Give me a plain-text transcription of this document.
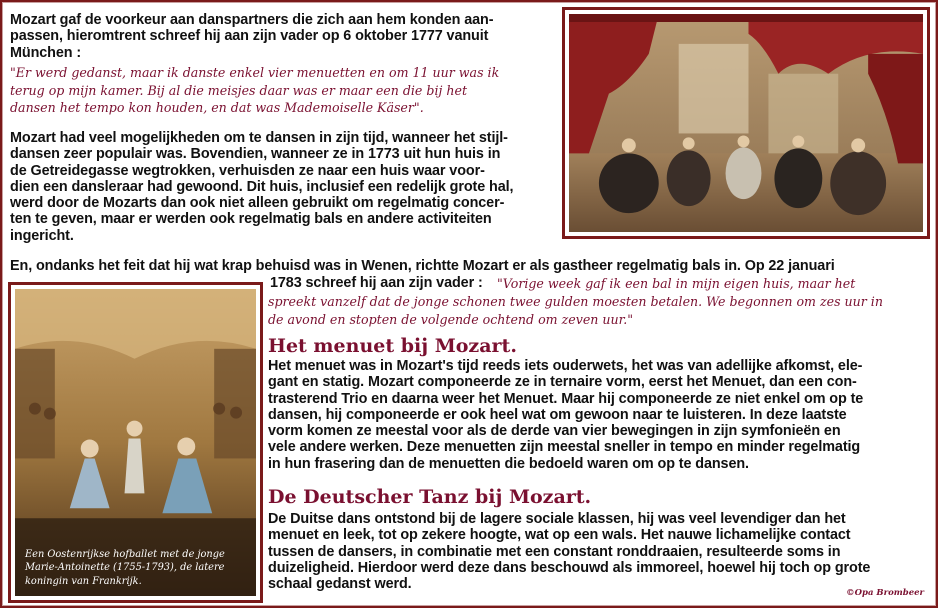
Mozart gaf de voorkeur aan danspartners die zich aan hem konden aan-
passen, hieromtrent schreef hij aan zijn vader op 6 oktober 1777 vanuit
München :
"Er werd gedanst, maar ik danste enkel vier menuetten en om 11 uur was ik
terug op mijn kamer. Bij al die meisjes daar was er maar een die bij het
dansen het tempo kon houden, en dat was Mademoiselle Käser".
Mozart had veel mogelijkheden om te dansen in zijn tijd, wanneer het stijl-
dansen zeer populair was. Bovendien, wanneer ze in 1773 uit hun huis in
de Getreidegasse wegtrokken, verhuisden ze naar een huis waar voor-
dien een dansleraar had gewoond. Dit huis, inclusief een redelijk grote hal,
werd door de Mozarts dan ook niet alleen gebruikt om regelmatig concer-
ten te geven, maar er werden ook regelmatig bals en andere activiteiten
ingericht.
En, ondanks het feit dat hij wat krap behuisd was in Wenen, richtte Mozart er als gastheer regelmatig bals in. Op 22 januari
1783 schreef hij aan zijn vader : "Vorige week gaf ik een bal in mijn eigen huis, maar het
spreekt vanzelf dat de jonge schonen twee gulden moesten betalen. We begonnen om zes uur in
de avond en stopten de volgende ochtend om zeven uur."
Het menuet bij Mozart.
Het menuet was in Mozart's tijd reeds iets ouderwets, het was van adellijke afkomst, ele-
gant en statig. Mozart componeerde ze in ternaire vorm, eerst het Menuet, dan een con-
trasterend Trio en daarna weer het Menuet. Maar hij componeerde ze niet enkel om op te
dansen, hij componeerde er ook heel wat om gewoon naar te luisteren. In deze laatste
vorm komen ze meestal voor als de derde van vier bewegingen in zijn symfonieën en
vele andere werken. Deze menuetten zijn meestal sneller in tempo en minder regelmatig
in hun frasering dan de menuetten die bedoeld waren om op te dansen.
De Deutscher Tanz bij Mozart.
De Duitse dans ontstond bij de lagere sociale klassen, hij was veel levendiger dan het
menuet en leek, tot op zekere hoogte, wat op een wals. Het nauwe lichamelijke contact
tussen de dansers, in combinatie met een constant ronddraaien, resulteerde soms in
duizeligheid. Hierdoor werd deze dans beschouwd als immoreel, hoewel hij toch op grote
schaal gedanst werd.
Een Oostenrijkse hofballet met de jonge
Marie-Antoinette (1755-1793), de latere
koningin van Frankrijk.
©Opa Brombeer
